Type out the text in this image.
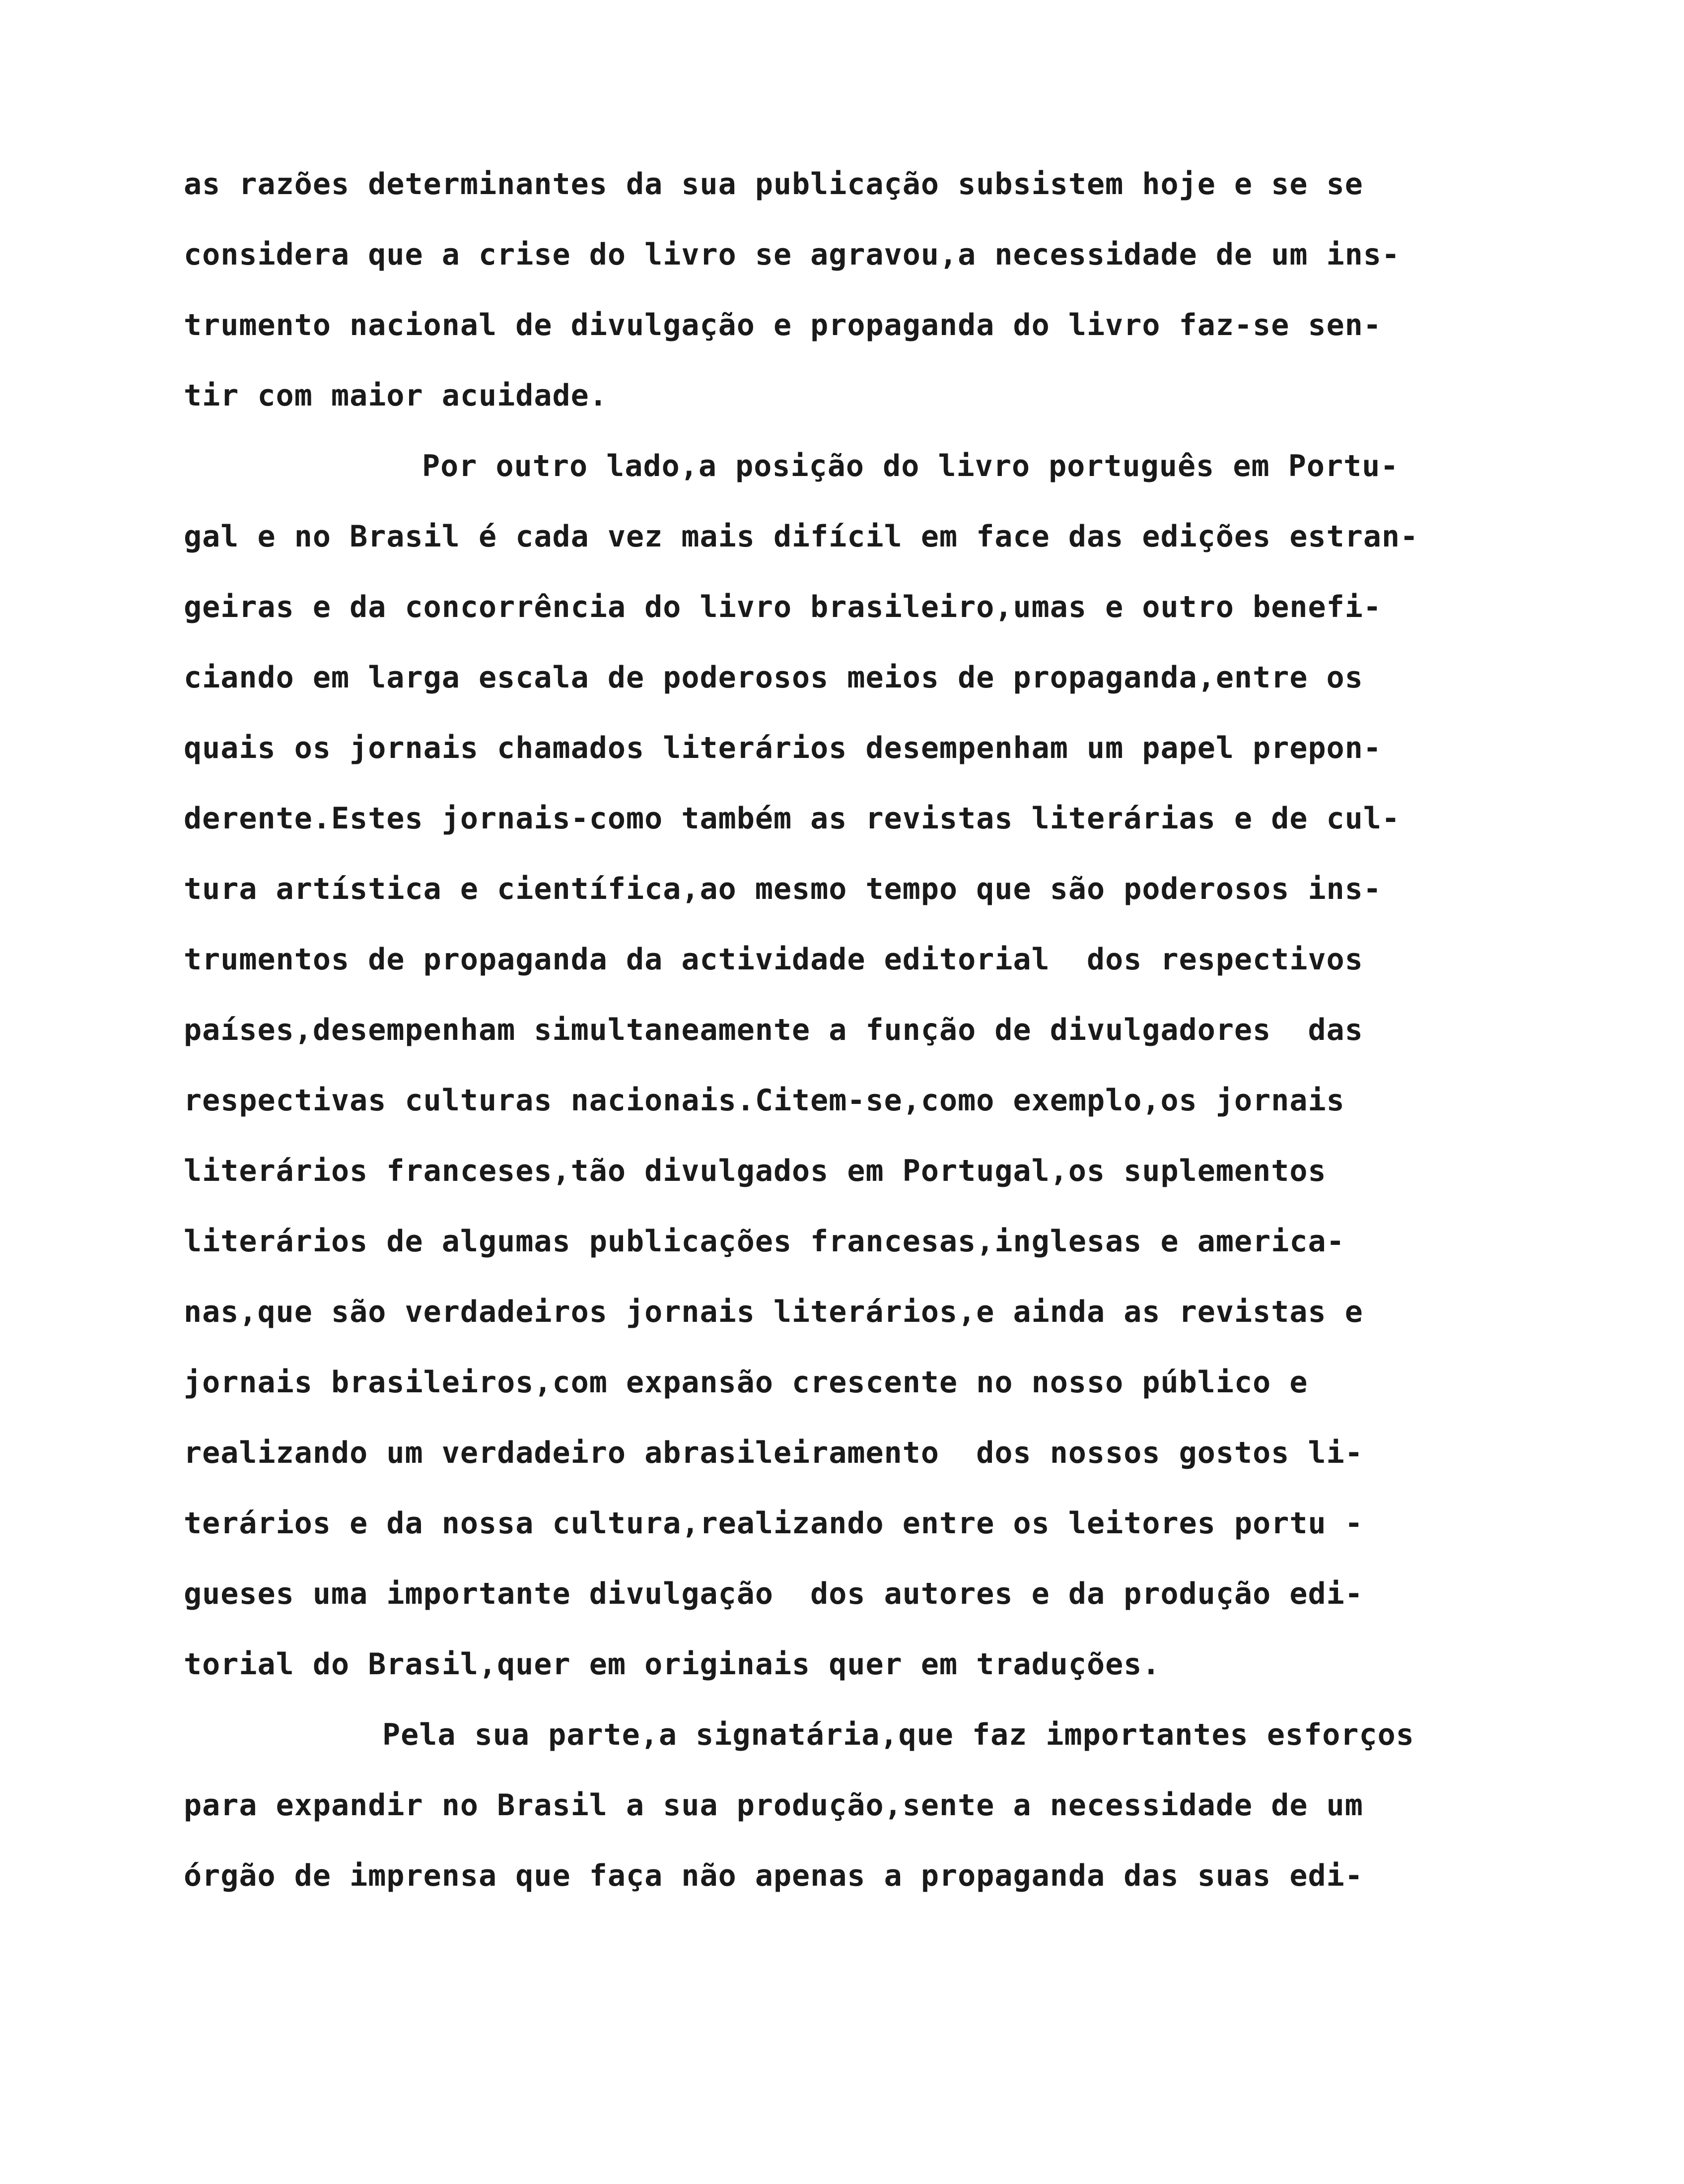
as razões determinantes da sua publicação subsistem hoje e se se
considera que a crise do livro se agravou,a necessidade de um ins-
trumento nacional de divulgação e propaganda do livro faz-se sen-
tir com maior acuidade.
Por outro lado,a posição do livro português em Portu-
gal e no Brasil é cada vez mais difícil em face das edições estran-
geiras e da concorrência do livro brasileiro,umas e outro benefi-
ciando em larga escala de poderosos meios de propaganda,entre os
quais os jornais chamados literários desempenham um papel prepon-
derente.Estes jornais-como também as revistas literárias e de cul-
tura artística e científica,ao mesmo tempo que são poderosos ins-
trumentos de propaganda da actividade editorial  dos respectivos
países,desempenham simultaneamente a função de divulgadores  das
respectivas culturas nacionais.Citem-se,como exemplo,os jornais
literários franceses,tão divulgados em Portugal,os suplementos
literários de algumas publicações francesas,inglesas e america-
nas,que são verdadeiros jornais literários,e ainda as revistas e
jornais brasileiros,com expansão crescente no nosso público e
realizando um verdadeiro abrasileiramento  dos nossos gostos li-
terários e da nossa cultura,realizando entre os leitores portu -
gueses uma importante divulgação  dos autores e da produção edi-
torial do Brasil,quer em originais quer em traduções.
Pela sua parte,a signatária,que faz importantes esforços
para expandir no Brasil a sua produção,sente a necessidade de um
órgão de imprensa que faça não apenas a propaganda das suas edi-
